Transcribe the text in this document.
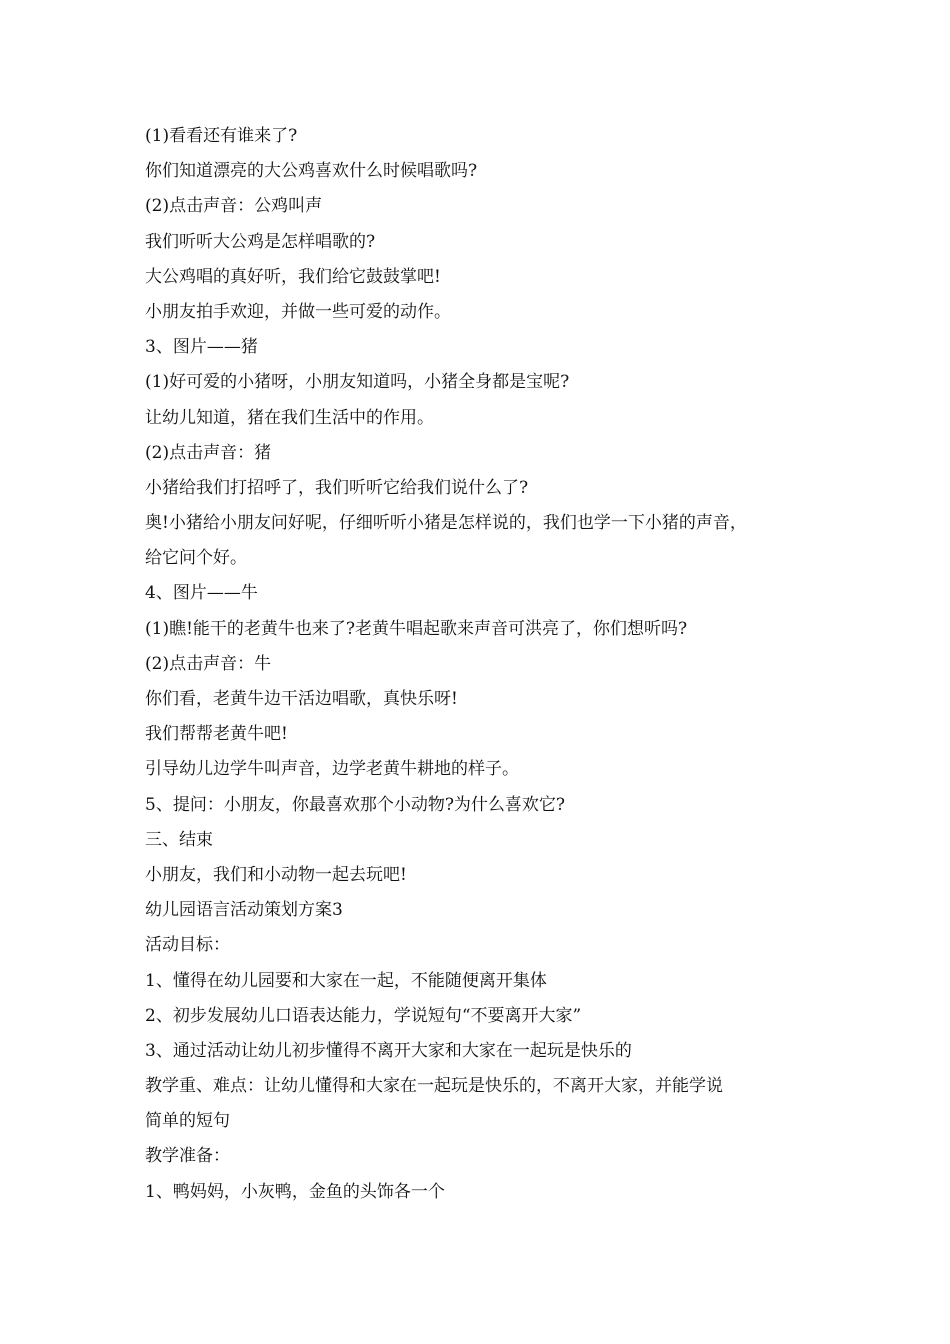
(1)看看还有谁来了?
你们知道漂亮的大公鸡喜欢什么时候唱歌吗?
(2)点击声音：公鸡叫声
我们听听大公鸡是怎样唱歌的?
大公鸡唱的真好听，我们给它鼓鼓掌吧!
小朋友拍手欢迎，并做一些可爱的动作。
3、图片——猪
(1)好可爱的小猪呀，小朋友知道吗，小猪全身都是宝呢?
让幼儿知道，猪在我们生活中的作用。
(2)点击声音：猪
小猪给我们打招呼了，我们听听它给我们说什么了?
奥!小猪给小朋友问好呢，仔细听听小猪是怎样说的，我们也学一下小猪的声音，
给它问个好。
4、图片——牛
(1)瞧!能干的老黄牛也来了?老黄牛唱起歌来声音可洪亮了，你们想听吗?
(2)点击声音：牛
你们看，老黄牛边干活边唱歌，真快乐呀!
我们帮帮老黄牛吧!
引导幼儿边学牛叫声音，边学老黄牛耕地的样子。
5、提问：小朋友，你最喜欢那个小动物?为什么喜欢它?
三、结束
小朋友，我们和小动物一起去玩吧!
幼儿园语言活动策划方案3
活动目标：
1、懂得在幼儿园要和大家在一起，不能随便离开集体
2、初步发展幼儿口语表达能力，学说短句“不要离开大家”
3、通过活动让幼儿初步懂得不离开大家和大家在一起玩是快乐的
教学重、难点：让幼儿懂得和大家在一起玩是快乐的，不离开大家，并能学说
简单的短句
教学准备：
1、鸭妈妈，小灰鸭，金鱼的头饰各一个
